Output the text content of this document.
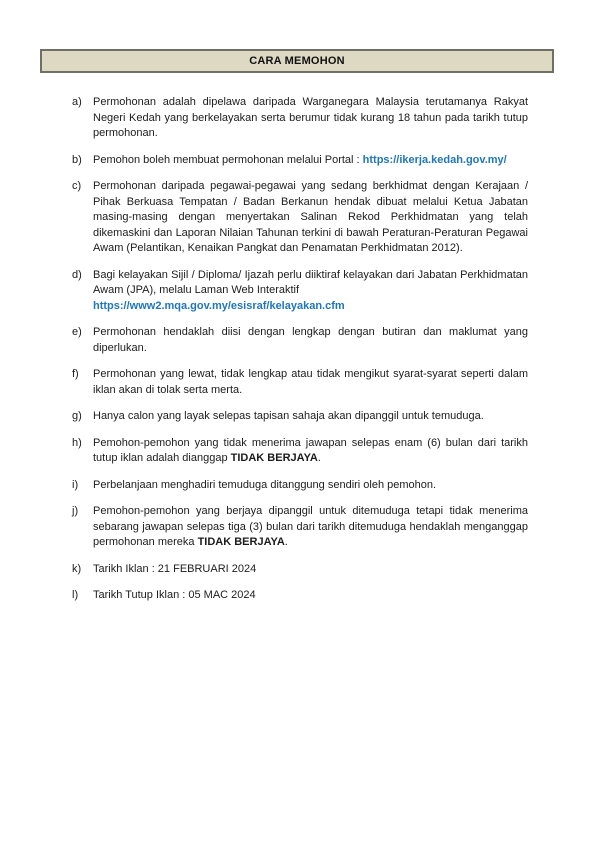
CARA MEMOHON
a)	Permohonan adalah dipelawa daripada Warganegara Malaysia terutamanya Rakyat Negeri Kedah yang berkelayakan serta berumur tidak kurang 18 tahun pada tarikh tutup permohonan.
b)	Pemohon boleh membuat permohonan melalui Portal : https://ikerja.kedah.gov.my/
c)	Permohonan daripada pegawai-pegawai yang sedang berkhidmat dengan Kerajaan / Pihak Berkuasa Tempatan / Badan Berkanun hendak dibuat melalui Ketua Jabatan masing-masing dengan menyertakan Salinan Rekod Perkhidmatan yang telah dikemaskini dan Laporan Nilaian Tahunan terkini di bawah Peraturan-Peraturan Pegawai Awam (Pelantikan, Kenaikan Pangkat dan Penamatan Perkhidmatan 2012).
d)	Bagi kelayakan Sijil / Diploma/ Ijazah perlu diiktiraf kelayakan dari Jabatan Perkhidmatan Awam (JPA), melalu Laman Web Interaktif
https://www2.mqa.gov.my/esisraf/kelayakan.cfm
e)	Permohonan hendaklah diisi dengan lengkap dengan butiran dan maklumat yang diperlukan.
f)	Permohonan yang lewat, tidak lengkap atau tidak mengikut syarat-syarat seperti dalam iklan akan di tolak serta merta.
g)	Hanya calon yang layak selepas tapisan sahaja akan dipanggil untuk temuduga.
h)	Pemohon-pemohon yang tidak menerima jawapan selepas enam (6) bulan dari tarikh tutup iklan adalah dianggap TIDAK BERJAYA.
i)	Perbelanjaan menghadiri temuduga ditanggung sendiri oleh pemohon.
j)	Pemohon-pemohon yang berjaya dipanggil untuk ditemuduga tetapi tidak menerima sebarang jawapan selepas tiga (3) bulan dari tarikh ditemuduga hendaklah menganggap permohonan mereka TIDAK BERJAYA.
k)	Tarikh Iklan : 21 FEBRUARI 2024
l)	Tarikh Tutup Iklan : 05 MAC 2024
